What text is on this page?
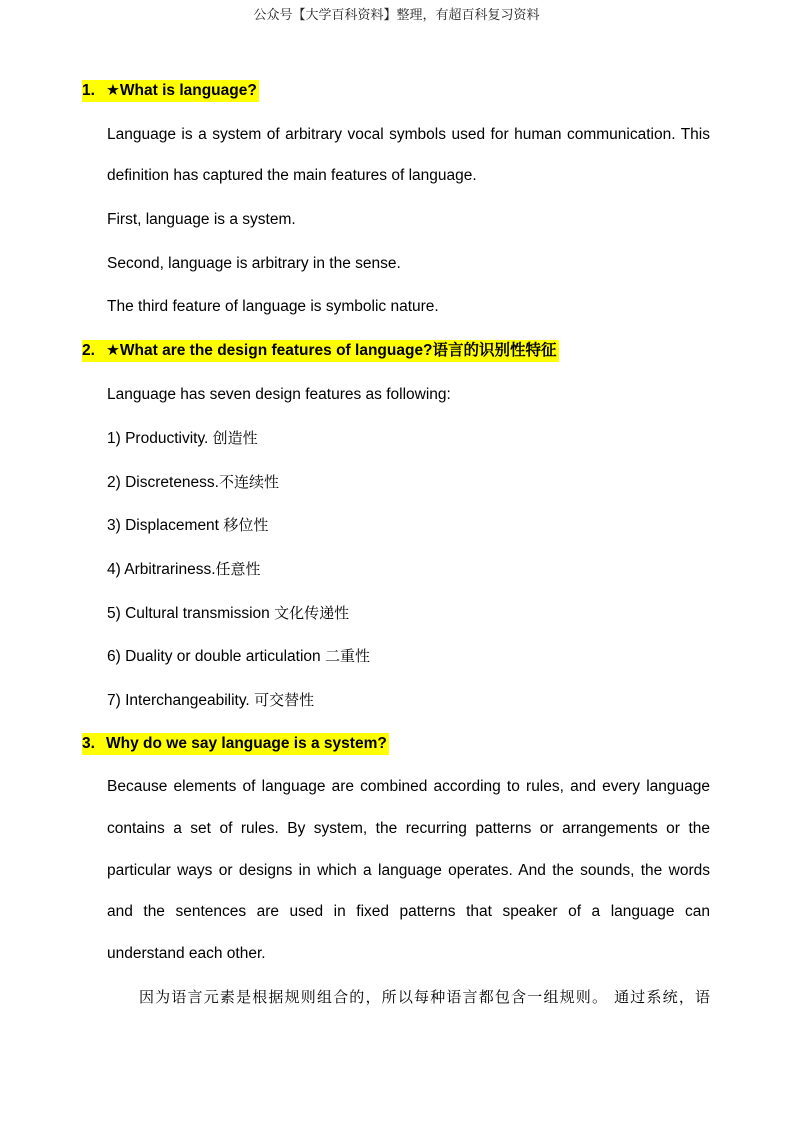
公众号【大学百科资料】整理，有超百科复习资料
1. ★What is language?
Language is a system of arbitrary vocal symbols used for human communication. This
definition has captured the main features of language.
First, language is a system.
Second, language is arbitrary in the sense.
The third feature of language is symbolic nature.
2. ★What are the design features of language?语言的识别性特征
Language has seven design features as following:
1) Productivity. 创造性
2) Discreteness.不连续性
3) Displacement 移位性
4) Arbitrariness.任意性
5) Cultural transmission 文化传递性
6) Duality or double articulation 二重性
7) Interchangeability. 可交替性
3. Why do we say language is a system?
Because elements of language are combined according to rules, and every language
contains a set of rules. By system, the recurring patterns or arrangements or the
particular ways or designs in which a language operates. And the sounds, the words
and the sentences are used in fixed patterns that speaker of a language can
understand each other.
因为语言元素是根据规则组合的，所以每种语言都包含一组规则。 通过系统，语
